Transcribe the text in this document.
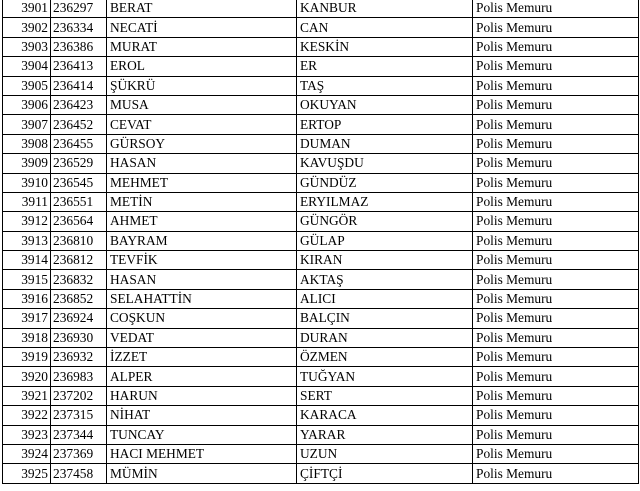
3901	236297	BERAT	KANBUR	Polis Memuru
3902	236334	NECATİ	CAN	Polis Memuru
3903	236386	MURAT	KESKİN	Polis Memuru
3904	236413	EROL	ER	Polis Memuru
3905	236414	ŞÜKRÜ	TAŞ	Polis Memuru
3906	236423	MUSA	OKUYAN	Polis Memuru
3907	236452	CEVAT	ERTOP	Polis Memuru
3908	236455	GÜRSOY	DUMAN	Polis Memuru
3909	236529	HASAN	KAVUŞDU	Polis Memuru
3910	236545	MEHMET	GÜNDÜZ	Polis Memuru
3911	236551	METİN	ERYILMAZ	Polis Memuru
3912	236564	AHMET	GÜNGÖR	Polis Memuru
3913	236810	BAYRAM	GÜLAP	Polis Memuru
3914	236812	TEVFİK	KIRAN	Polis Memuru
3915	236832	HASAN	AKTAŞ	Polis Memuru
3916	236852	SELAHATTİN	ALICI	Polis Memuru
3917	236924	COŞKUN	BALÇIN	Polis Memuru
3918	236930	VEDAT	DURAN	Polis Memuru
3919	236932	İZZET	ÖZMEN	Polis Memuru
3920	236983	ALPER	TUĞYAN	Polis Memuru
3921	237202	HARUN	SERT	Polis Memuru
3922	237315	NİHAT	KARACA	Polis Memuru
3923	237344	TUNCAY	YARAR	Polis Memuru
3924	237369	HACI MEHMET	UZUN	Polis Memuru
3925	237458	MÜMİN	ÇİFTÇİ	Polis Memuru
